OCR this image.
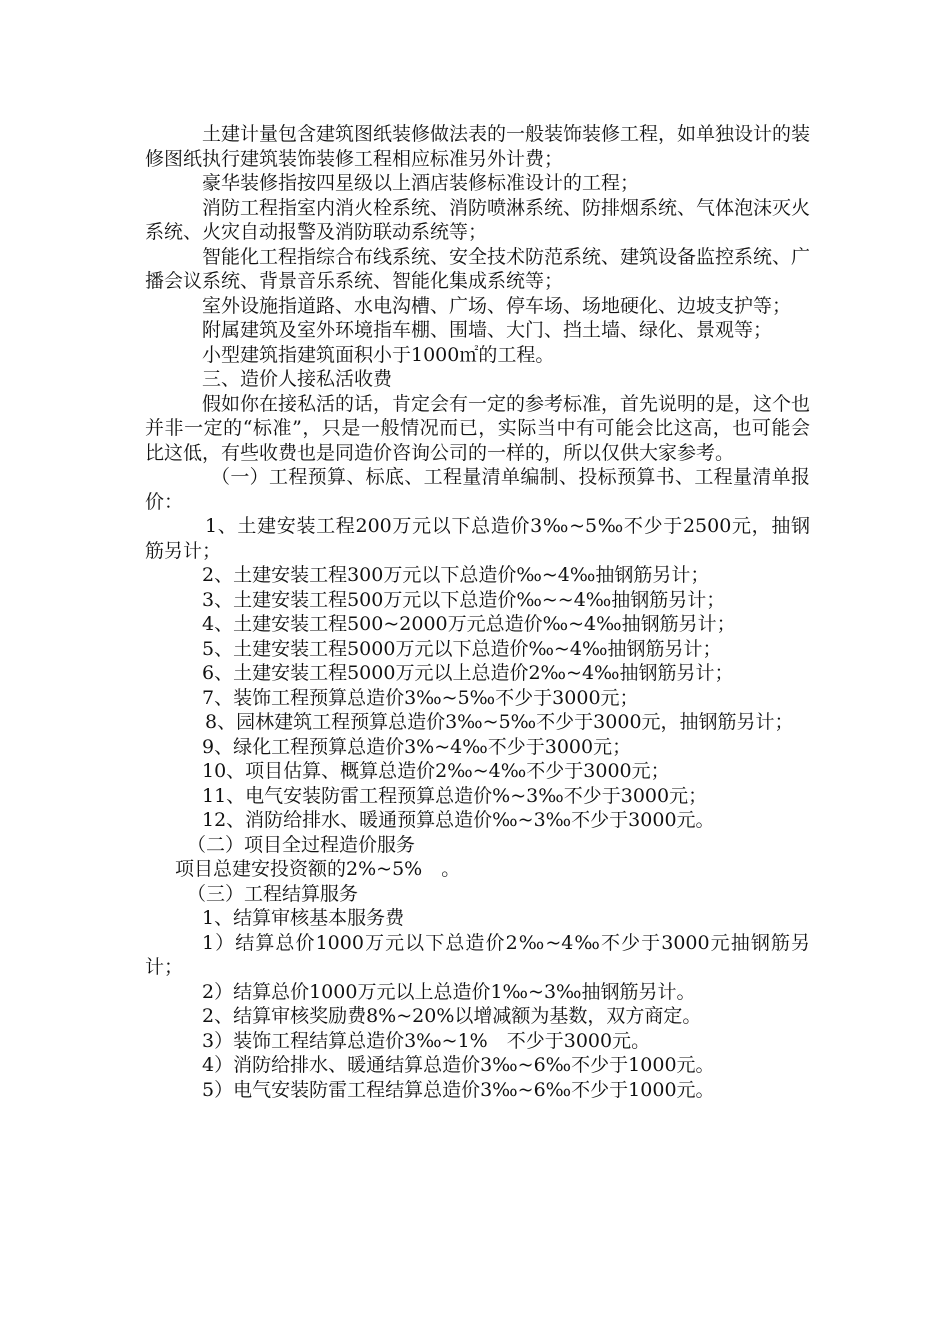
土建计量包含建筑图纸装修做法表的一般装饰装修工程，如单独设计的装修图纸执行建筑装饰装修工程相应标准另外计费；

豪华装修指按四星级以上酒店装修标准设计的工程；

消防工程指室内消火栓系统、消防喷淋系统、防排烟系统、气体泡沫灭火系统、火灾自动报警及消防联动系统等；

智能化工程指综合布线系统、安全技术防范系统、建筑设备监控系统、广播会议系统、背景音乐系统、智能化集成系统等；

室外设施指道路、水电沟槽、广场、停车场、场地硬化、边坡支护等；

附属建筑及室外环境指车棚、围墙、大门、挡土墙、绿化、景观等；

小型建筑指建筑面积小于1000㎡的工程。

三、造价人接私活收费

假如你在接私活的话，肯定会有一定的参考标准，首先说明的是，这个也并非一定的“标准”，只是一般情况而已，实际当中有可能会比这高，也可能会比这低，有些收费也是同造价咨询公司的一样的，所以仅供大家参考。

（一）工程预算、标底、工程量清单编制、投标预算书、工程量清单报价：

1、土建安装工程200万元以下总造价3‰~5‰不少于2500元，抽钢筋另计；

2、土建安装工程300万元以下总造价‰~4‰抽钢筋另计；

3、土建安装工程500万元以下总造价‰~~4‰抽钢筋另计；

4、土建安装工程500~2000万元总造价‰~4‰抽钢筋另计；

5、土建安装工程5000万元以下总造价‰~4‰抽钢筋另计；

6、土建安装工程5000万元以上总造价2‰~4‰抽钢筋另计；

7、装饰工程预算总造价3‰~5‰不少于3000元；

8、园林建筑工程预算总造价3‰~5‰不少于3000元，抽钢筋另计；

9、绿化工程预算总造价3%~4‰不少于3000元；

10、项目估算、概算总造价2‰~4‰不少于3000元；

11、电气安装防雷工程预算总造价%~3‰不少于3000元；

12、消防给排水、暖通预算总造价‰~3‰不少于3000元。

（二）项目全过程造价服务

项目总建安投资额的2%~5%　。

（三）工程结算服务

1、结算审核基本服务费

1）结算总价1000万元以下总造价2‰~4‰不少于3000元抽钢筋另计；

2）结算总价1000万元以上总造价1‰~3‰抽钢筋另计。

2、结算审核奖励费8%~20%以增减额为基数，双方商定。

3）装饰工程结算总造价3‰~1%　不少于3000元。

4）消防给排水、暖通结算总造价3‰~6‰不少于1000元。

5）电气安装防雷工程结算总造价3‰~6‰不少于1000元。
